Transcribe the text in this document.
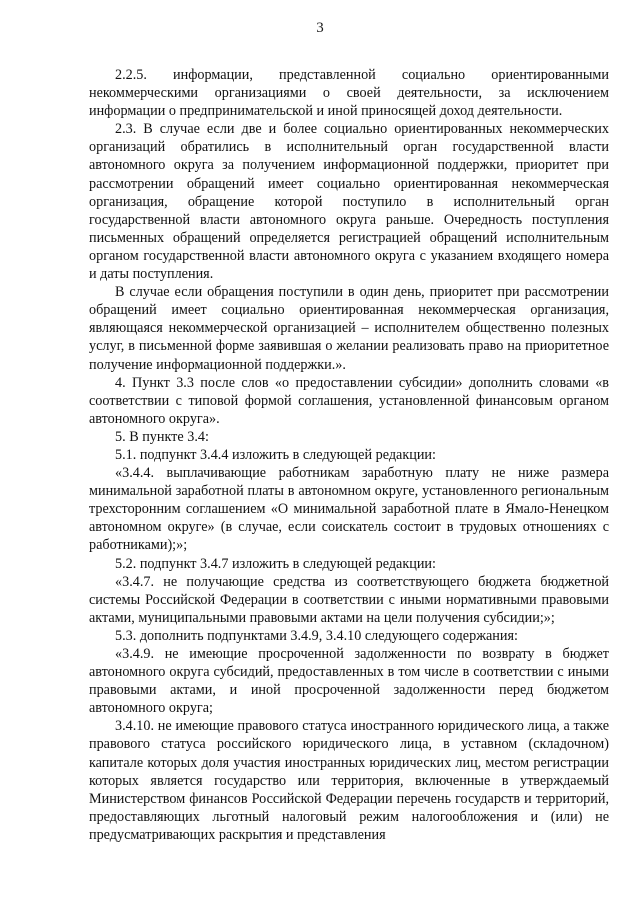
3

2.2.5. информации, представленной социально ориентированными некоммерческими организациями о своей деятельности, за исключением информации о предпринимательской и иной приносящей доход деятельности.

2.3. В случае если две и более социально ориентированных некоммерческих организаций обратились в исполнительный орган государственной власти автономного округа за получением информационной поддержки, приоритет при рассмотрении обращений имеет социально ориентированная некоммерческая организация, обращение которой поступило в исполнительный орган государственной власти автономного округа раньше. Очередность поступления письменных обращений определяется регистрацией обращений исполнительным органом государственной власти автономного округа с указанием входящего номера и даты поступления.

В случае если обращения поступили в один день, приоритет при рассмотрении обращений имеет социально ориентированная некоммерческая организация, являющаяся некоммерческой организацией – исполнителем общественно полезных услуг, в письменной форме заявившая о желании реализовать право на приоритетное получение информационной поддержки.».

4. Пункт 3.3 после слов «о предоставлении субсидии» дополнить словами «в соответствии с типовой формой соглашения, установленной финансовым органом автономного округа».

5. В пункте 3.4:

5.1. подпункт 3.4.4 изложить в следующей редакции:

«3.4.4. выплачивающие работникам заработную плату не ниже размера минимальной заработной платы в автономном округе, установленного региональным трехсторонним соглашением «О минимальной заработной плате в Ямало-Ненецком автономном округе» (в случае, если соискатель состоит в трудовых отношениях с работниками);»;

5.2. подпункт 3.4.7 изложить в следующей редакции:

«3.4.7. не получающие средства из соответствующего бюджета бюджетной системы Российской Федерации в соответствии с иными нормативными правовыми актами, муниципальными правовыми актами на цели получения субсидии;»;

5.3. дополнить подпунктами 3.4.9, 3.4.10 следующего содержания:

«3.4.9. не имеющие просроченной задолженности по возврату в бюджет автономного округа субсидий, предоставленных в том числе в соответствии с иными правовыми актами, и иной просроченной задолженности перед бюджетом автономного округа;

3.4.10. не имеющие правового статуса иностранного юридического лица, а также правового статуса российского юридического лица, в уставном (складочном) капитале которых доля участия иностранных юридических лиц, местом регистрации которых является государство или территория, включенные в утверждаемый Министерством финансов Российской Федерации перечень государств и территорий, предоставляющих льготный налоговый режим налогообложения и (или) не предусматривающих раскрытия и представления
